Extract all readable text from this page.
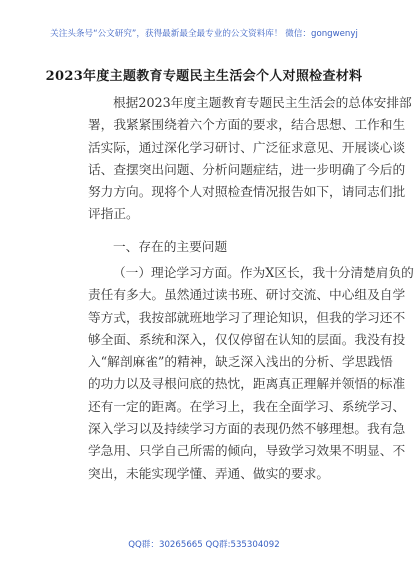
关注头条号“公文研究”，获得最新最全最专业的公文资料库！ 微信：gongwenyj
2023年度主题教育专题民主生活会个人对照检查材料
根据2023年度主题教育专题民主生活会的总体安排部
署，我紧紧围绕着六个方面的要求，结合思想、工作和生
活实际，通过深化学习研讨、广泛征求意见、开展谈心谈
话、查摆突出问题、分析问题症结，进一步明确了今后的
努力方向。现将个人对照检查情况报告如下，请同志们批
评指正。
一、存在的主要问题
（一）理论学习方面。作为X区长，我十分清楚肩负的
责任有多大。虽然通过读书班、研讨交流、中心组及自学
等方式，我按部就班地学习了理论知识，但我的学习还不
够全面、系统和深入，仅仅停留在认知的层面。我没有投
入“解剖麻雀”的精神，缺乏深入浅出的分析、学思践悟
的功力以及寻根问底的热忱，距离真正理解并领悟的标准
还有一定的距离。在学习上，我在全面学习、系统学习、
深入学习以及持续学习方面的表现仍然不够理想。我有急
学急用、只学自己所需的倾向，导致学习效果不明显、不
突出，未能实现学懂、弄通、做实的要求。
QQ群：30265665 QQ群:535304092
